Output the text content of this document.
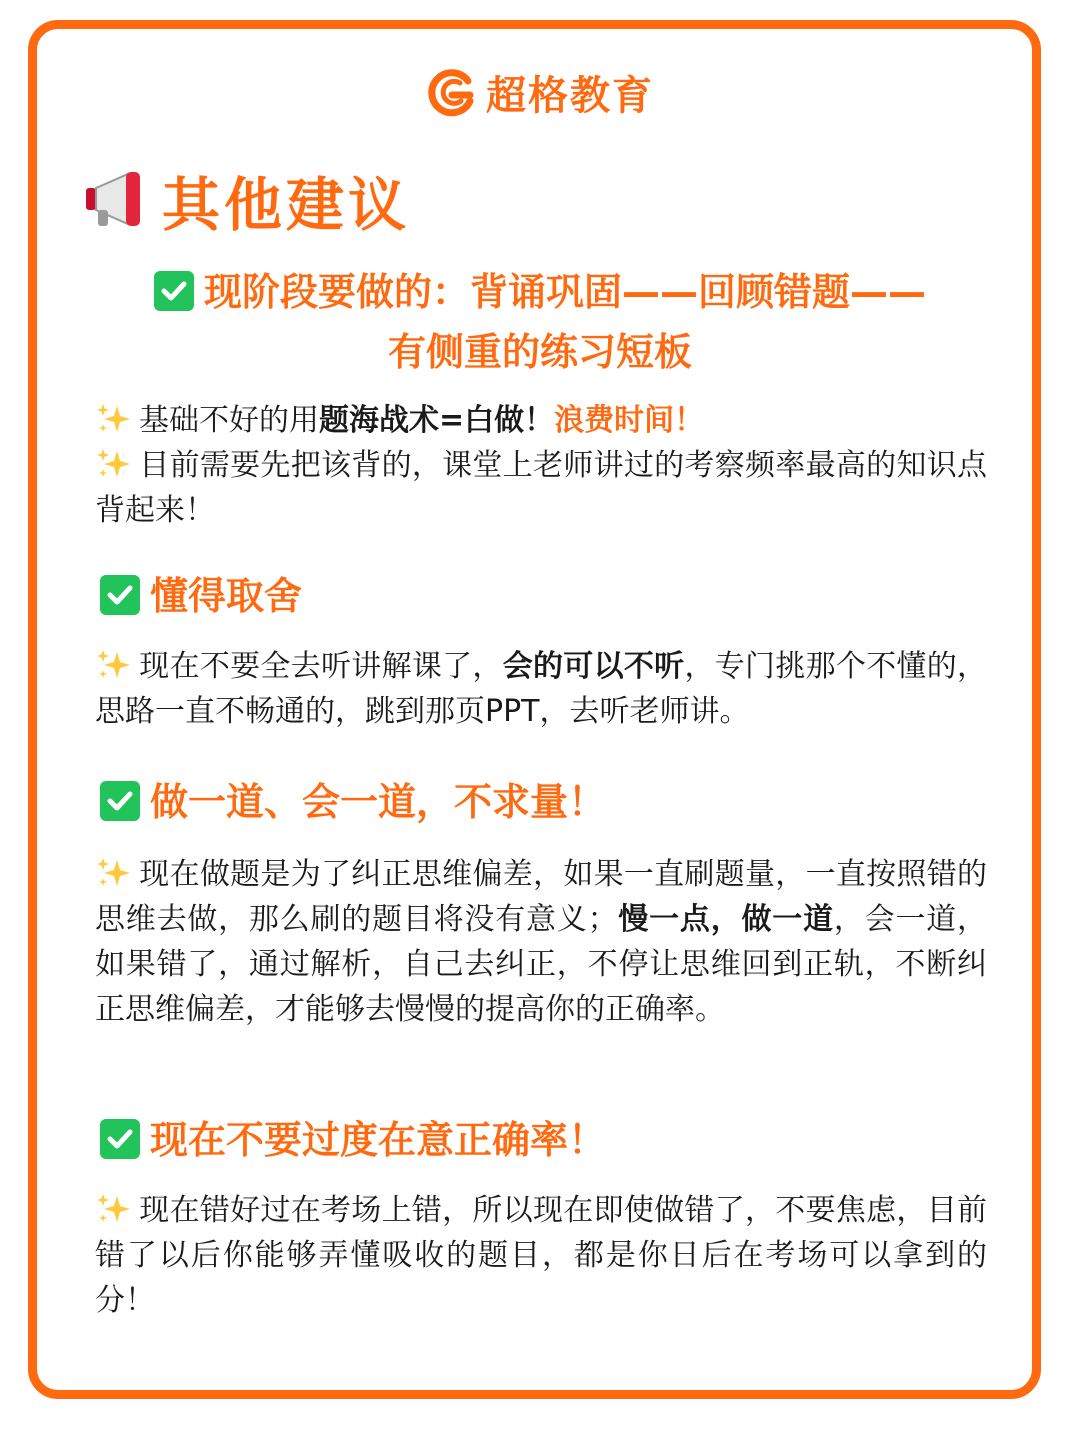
超格教育
其他建议
现阶段要做的：背诵巩固——回顾错题——
有侧重的练习短板
基础不好的用题海战术=白做！浪费时间！
目前需要先把该背的，课堂上老师讲过的考察频率最高的知识点背起来！
懂得取舍
现在不要全去听讲解课了，会的可以不听，专门挑那个不懂的，思路一直不畅通的，跳到那页PPT，去听老师讲。
做一道、会一道，不求量！
现在做题是为了纠正思维偏差，如果一直刷题量，一直按照错的思维去做，那么刷的题目将没有意义；慢一点，做一道，会一道，如果错了，通过解析，自己去纠正，不停让思维回到正轨，不断纠正思维偏差，才能够去慢慢的提高你的正确率。
现在不要过度在意正确率！
现在错好过在考场上错，所以现在即使做错了，不要焦虑，目前错了以后你能够弄懂吸收的题目，都是你日后在考场可以拿到的分！
